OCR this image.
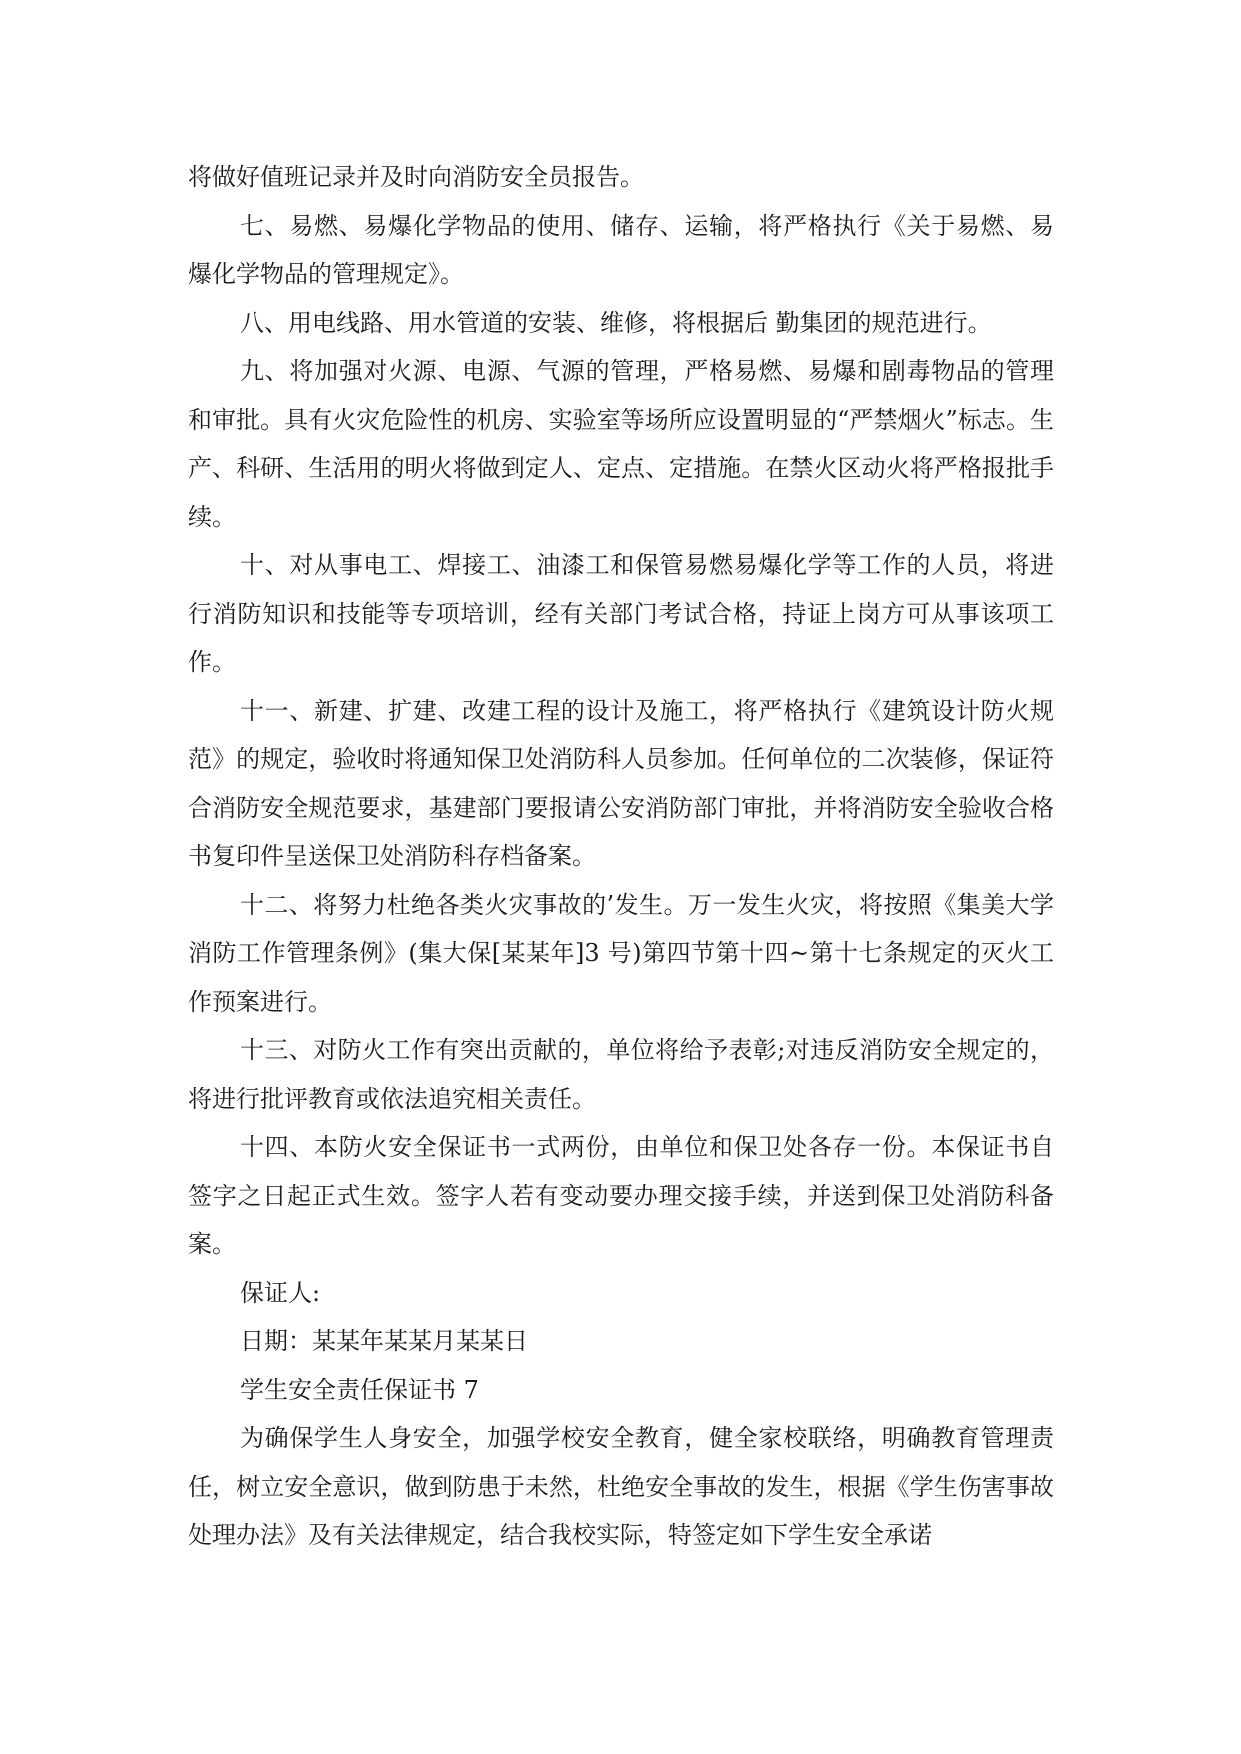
将做好值班记录并及时向消防安全员报告。

七、易燃、易爆化学物品的使用、储存、运输，将严格执行《关于易燃、易爆化学物品的管理规定》。

八、用电线路、用水管道的安装、维修，将根据后 勤集团的规范进行。

九、将加强对火源、电源、气源的管理，严格易燃、易爆和剧毒物品的管理和审批。具有火灾危险性的机房、实验室等场所应设置明显的“严禁烟火”标志。生产、科研、生活用的明火将做到定人、定点、定措施。在禁火区动火将严格报批手续。

十、对从事电工、焊接工、油漆工和保管易燃易爆化学等工作的人员，将进行消防知识和技能等专项培训，经有关部门考试合格，持证上岗方可从事该项工作。

十一、新建、扩建、改建工程的设计及施工，将严格执行《建筑设计防火规范》的规定，验收时将通知保卫处消防科人员参加。任何单位的二次装修，保证符合消防安全规范要求，基建部门要报请公安消防部门审批，并将消防安全验收合格书复印件呈送保卫处消防科存档备案。

十二、将努力杜绝各类火灾事故的’发生。万一发生火灾，将按照《集美大学消防工作管理条例》(集大保[某某年]3 号)第四节第十四~第十七条规定的灭火工作预案进行。

十三、对防火工作有突出贡献的，单位将给予表彰;对违反消防安全规定的，将进行批评教育或依法追究相关责任。

十四、本防火安全保证书一式两份，由单位和保卫处各存一份。本保证书自签字之日起正式生效。签字人若有变动要办理交接手续，并送到保卫处消防科备案。

保证人:

日期：某某年某某月某某日

学生安全责任保证书 7

为确保学生人身安全，加强学校安全教育，健全家校联络，明确教育管理责任，树立安全意识，做到防患于未然，杜绝安全事故的发生，根据《学生伤害事故处理办法》及有关法律规定，结合我校实际，特签定如下学生安全承诺
